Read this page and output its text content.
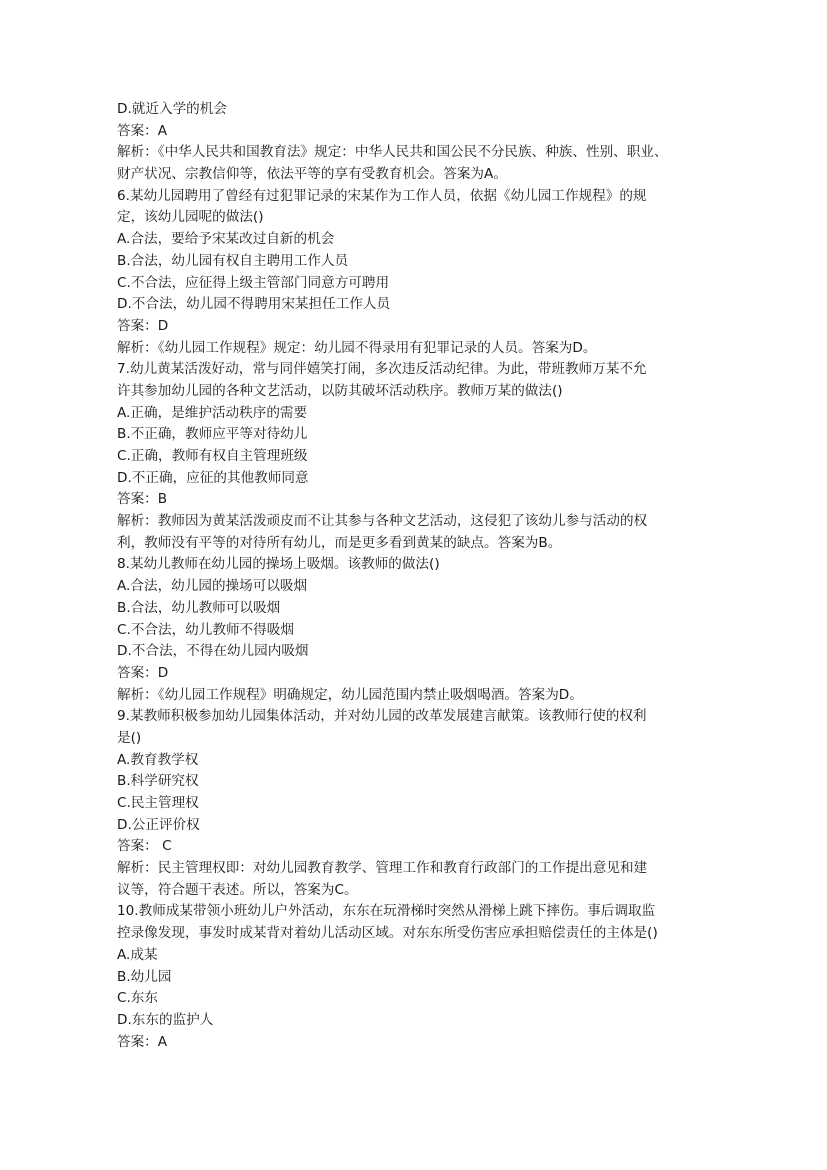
D.就近入学的机会
答案：A
解析：《中华人民共和国教育法》规定：中华人民共和国公民不分民族、种族、性别、职业、
财产状况、宗教信仰等，依法平等的享有受教育机会。答案为A。
6.某幼儿园聘用了曾经有过犯罪记录的宋某作为工作人员，依据《幼儿园工作规程》的规
定，该幼儿园呢的做法()
A.合法，要给予宋某改过自新的机会
B.合法，幼儿园有权自主聘用工作人员
C.不合法，应征得上级主管部门同意方可聘用
D.不合法，幼儿园不得聘用宋某担任工作人员
答案：D
解析：《幼儿园工作规程》规定：幼儿园不得录用有犯罪记录的人员。答案为D。
7.幼儿黄某活泼好动，常与同伴嬉笑打闹，多次违反活动纪律。为此，带班教师万某不允
许其参加幼儿园的各种文艺活动，以防其破坏活动秩序。教师万某的做法()
A.正确，是维护活动秩序的需要
B.不正确，教师应平等对待幼儿
C.正确，教师有权自主管理班级
D.不正确，应征的其他教师同意
答案：B
解析：教师因为黄某活泼顽皮而不让其参与各种文艺活动，这侵犯了该幼儿参与活动的权
利，教师没有平等的对待所有幼儿，而是更多看到黄某的缺点。答案为B。
8.某幼儿教师在幼儿园的操场上吸烟。该教师的做法()
A.合法，幼儿园的操场可以吸烟
B.合法，幼儿教师可以吸烟
C.不合法，幼儿教师不得吸烟
D.不合法，不得在幼儿园内吸烟
答案：D
解析：《幼儿园工作规程》明确规定，幼儿园范围内禁止吸烟喝酒。答案为D。
9.某教师积极参加幼儿园集体活动，并对幼儿园的改革发展建言献策。该教师行使的权利
是()
A.教育教学权
B.科学研究权
C.民主管理权
D.公正评价权
答案： C
解析：民主管理权即：对幼儿园教育教学、管理工作和教育行政部门的工作提出意见和建
议等，符合题干表述。所以，答案为C。
10.教师成某带领小班幼儿户外活动，东东在玩滑梯时突然从滑梯上跳下摔伤。事后调取监
控录像发现，事发时成某背对着幼儿活动区域。对东东所受伤害应承担赔偿责任的主体是()
A.成某
B.幼儿园
C.东东
D.东东的监护人
答案：A
